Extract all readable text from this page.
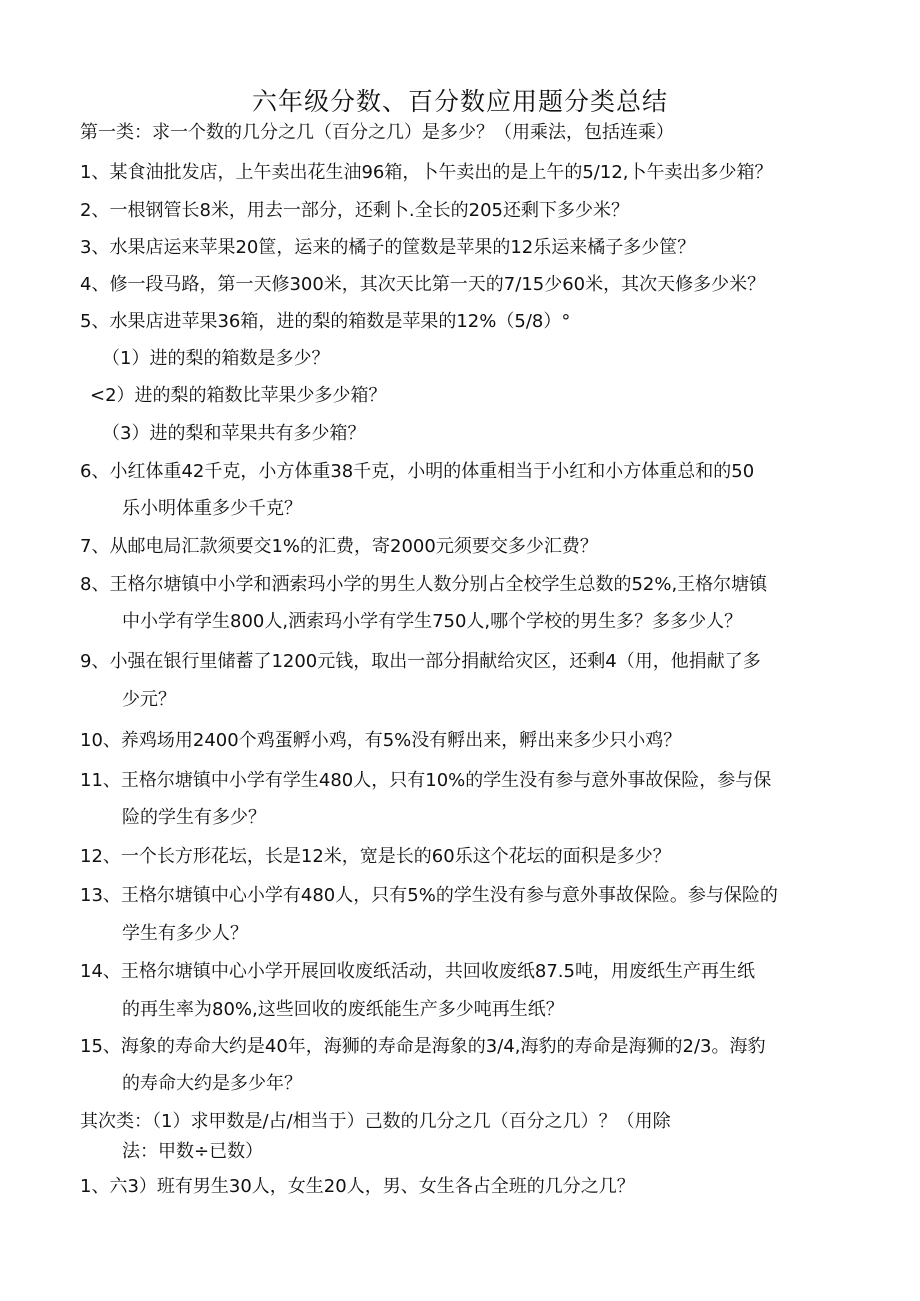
六年级分数、百分数应用题分类总结
第一类：求一个数的几分之几（百分之几）是多少？（用乘法，包括连乘）
1、某食油批发店，上午卖出花生油96箱，卜午卖出的是上午的5/12,卜午卖出多少箱？
2、一根钢管长8米，用去一部分，还剩卜.全长的205还剩下多少米？
3、水果店运来苹果20筐，运来的橘子的筐数是苹果的12乐运来橘子多少筐？
4、修一段马路，第一天修300米，其次天比第一天的7/15少60米，其次天修多少米？
5、水果店进苹果36箱，进的梨的箱数是苹果的12%（5/8）°
（1）进的梨的箱数是多少？
<2）进的梨的箱数比苹果少多少箱？
（3）进的梨和苹果共有多少箱？
6、小红体重42千克，小方体重38千克，小明的体重相当于小红和小方体重总和的50
乐小明体重多少千克？
7、从邮电局汇款须要交1%的汇费，寄2000元须要交多少汇费？
8、王格尔塘镇中小学和洒索玛小学的男生人数分别占全校学生总数的52%,王格尔塘镇
中小学有学生800人,洒索玛小学有学生750人,哪个学校的男生多？多多少人？
9、小强在银行里储蓄了1200元钱，取出一部分捐献给灾区，还剩4（用，他捐献了多
少元？
10、养鸡场用2400个鸡蛋孵小鸡，有5%没有孵出来，孵出来多少只小鸡？
11、王格尔塘镇中小学有学生480人，只有10%的学生没有参与意外事故保险，参与保
险的学生有多少？
12、一个长方形花坛，长是12米，宽是长的60乐这个花坛的面积是多少？
13、王格尔塘镇中心小学有480人，只有5%的学生没有参与意外事故保险。参与保险的
学生有多少人？
14、王格尔塘镇中心小学开展回收废纸活动，共回收废纸87.5吨，用废纸生产再生纸
的再生率为80%,这些回收的废纸能生产多少吨再生纸？
15、海象的寿命大约是40年，海狮的寿命是海象的3/4,海豹的寿命是海狮的2/3。海豹
的寿命大约是多少年？
其次类：（1）求甲数是/占/相当于）己数的几分之几（百分之几）？（用除
法：甲数÷已数）
1、六3）班有男生30人，女生20人，男、女生各占全班的几分之几？
